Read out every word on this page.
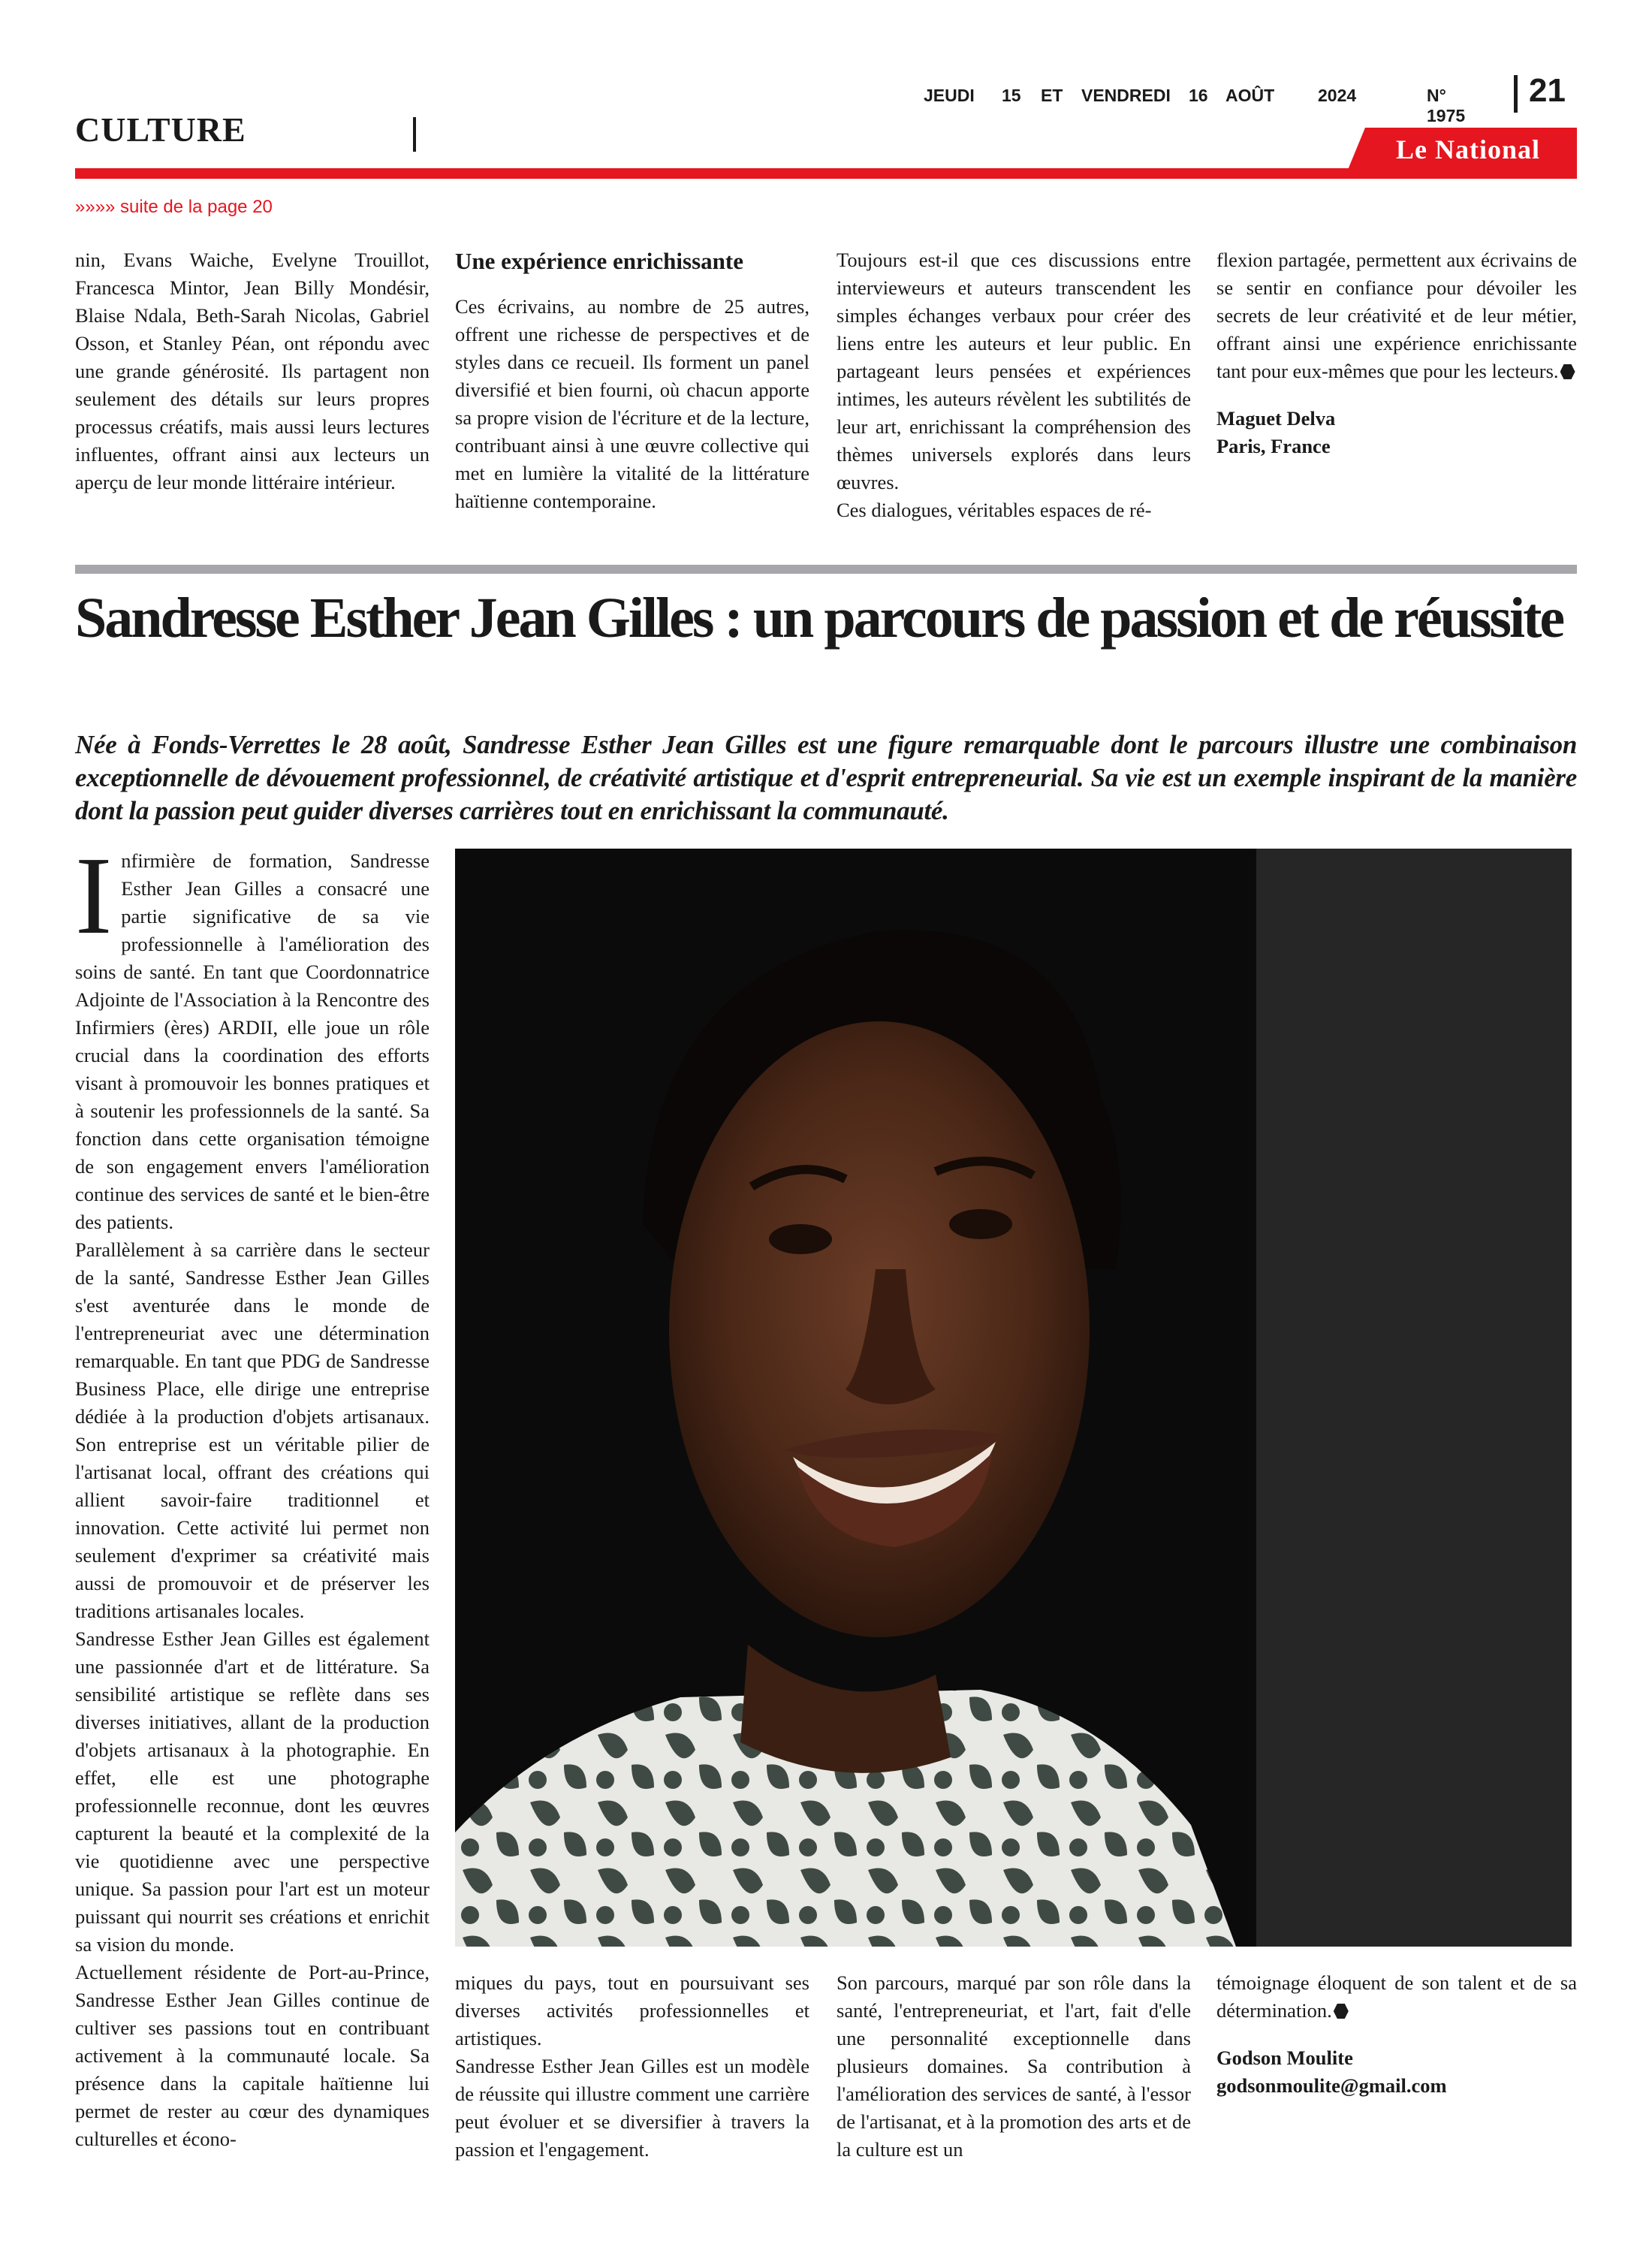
CULTURE
JEUDI 15 ET VENDREDI 16 AOÛT	2024	N° 1975
21
Le National
»»»» suite de la page 20

nin, Evans Waiche, Evelyne Trouillot, Francesca Mintor, Jean Billy Mondésir, Blaise Ndala, Beth-Sarah Nicolas, Gabriel Osson, et Stanley Péan, ont répondu avec une grande générosité. Ils partagent non seulement des détails sur leurs propres processus créatifs, mais aussi leurs lectures influentes, offrant ainsi aux lecteurs un aperçu de leur monde littéraire intérieur.

Une expérience enrichissante

Ces écrivains, au nombre de 25 autres, offrent une richesse de perspectives et de styles dans ce recueil. Ils forment un panel diversifié et bien fourni, où chacun apporte sa propre vision de l'écriture et de la lecture, contribuant ainsi à une œuvre collective qui met en lumière la vitalité de la littérature haïtienne contemporaine.

Toujours est-il que ces discussions entre intervieweurs et auteurs transcendent les simples échanges verbaux pour créer des liens entre les auteurs et leur public. En partageant leurs pensées et expériences intimes, les auteurs révèlent les subtilités de leur art, enrichissant la compréhension des thèmes universels explorés dans leurs œuvres.

Ces dialogues, véritables espaces de ré-

flexion partagée, permettent aux écrivains de se sentir en confiance pour dévoiler les secrets de leur créativité et de leur métier, offrant ainsi une expérience enrichissante tant pour eux-mêmes que pour les lecteurs.

Maguet Delva

Paris, France

Sandresse Esther Jean Gilles : un parcours de passion et de réussite
Née à Fonds-Verrettes le 28 août, Sandresse Esther Jean Gilles est une figure remarquable dont le parcours illustre une combinaison exceptionnelle de dévouement professionnel, de créativité artistique et d'esprit entrepreneurial. Sa vie est un exemple inspirant de la manière dont la passion peut guider diverses carrières tout en enrichissant la communauté.

Infirmière de formation, Sandresse Esther Jean Gilles a consacré une partie significative de sa vie professionnelle à l'amélioration des soins de santé. En tant que Coordonnatrice Adjointe de l'Association à la Rencontre des Infirmiers (ères) ARDII, elle joue un rôle crucial dans la coordination des efforts visant à promouvoir les bonnes pratiques et à soutenir les professionnels de la santé. Sa fonction dans cette organisation témoigne de son engagement envers l'amélioration continue des services de santé et le bien-être des patients.

Parallèlement à sa carrière dans le secteur de la santé, Sandresse Esther Jean Gilles s'est aventurée dans le monde de l'entrepreneuriat avec une détermination remarquable. En tant que PDG de Sandresse Business Place, elle dirige une entreprise dédiée à la production d'objets artisanaux. Son entreprise est un véritable pilier de l'artisanat local, offrant des créations qui allient savoir-faire traditionnel et innovation. Cette activité lui permet non seulement d'exprimer sa créativité mais aussi de promouvoir et de préserver les traditions artisanales locales.

Sandresse Esther Jean Gilles est également une passionnée d'art et de littérature. Sa sensibilité artistique se reflète dans ses diverses initiatives, allant de la production d'objets artisanaux à la photographie. En effet, elle est une photographe professionnelle reconnue, dont les œuvres capturent la beauté et la complexité de la vie quotidienne avec une perspective unique. Sa passion pour l'art est un moteur puissant qui nourrit ses créations et enrichit sa vision du monde.

Actuellement résidente de Port-au-Prince, Sandresse Esther Jean Gilles continue de cultiver ses passions tout en contribuant activement à la communauté locale. Sa présence dans la capitale haïtienne lui permet de rester au cœur des dynamiques culturelles et écono-

miques du pays, tout en poursuivant ses diverses activités professionnelles et artistiques.

Sandresse Esther Jean Gilles est un modèle de réussite qui illustre comment une carrière peut évoluer et se diversifier à travers la passion et l'engagement.

Son parcours, marqué par son rôle dans la santé, l'entrepreneuriat, et l'art, fait d'elle une personnalité exceptionnelle dans plusieurs domaines. Sa contribution à l'amélioration des services de santé, à l'essor de l'artisanat, et à la promotion des arts et de la culture est un

témoignage éloquent de son talent et de sa détermination.

Godson Moulite

godsonmoulite@gmail.com
